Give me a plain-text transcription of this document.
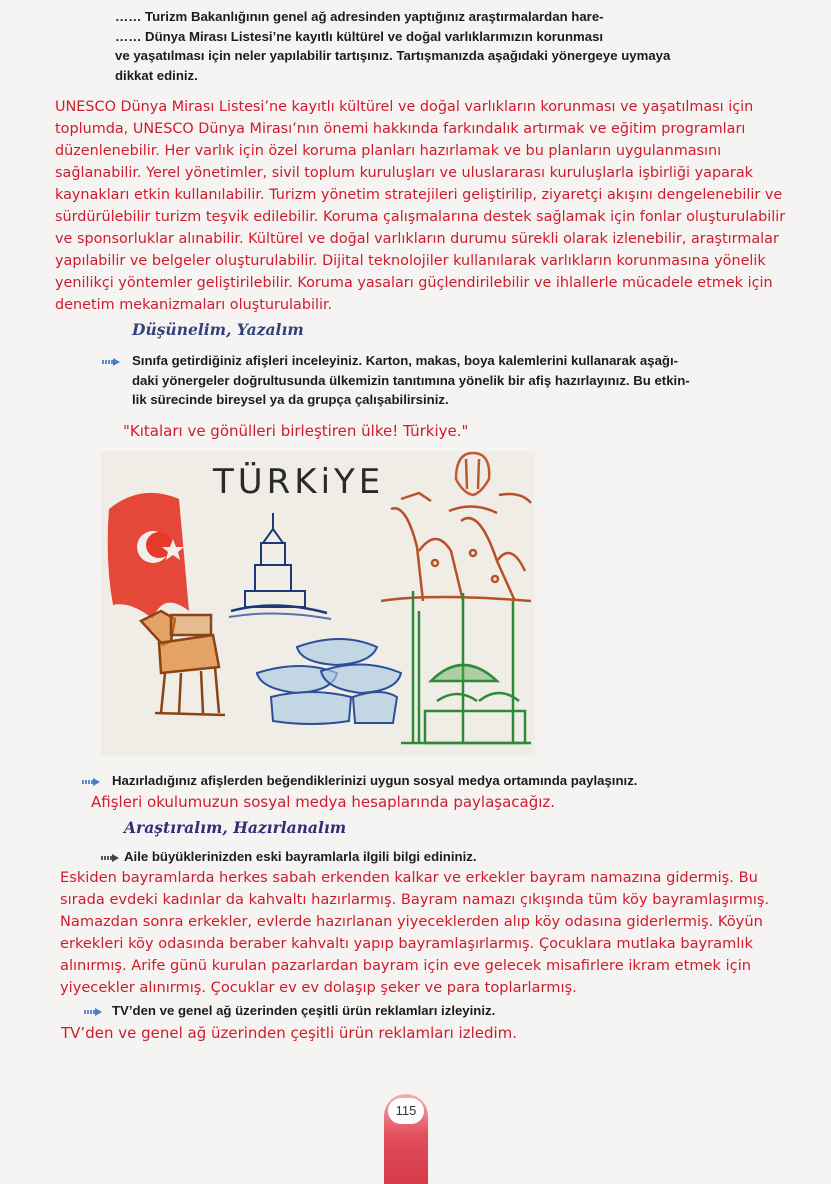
…… Turizm Bakanlığının genel ağ adresinden yaptığınız araştırmalardan hare-
…… Dünya Mirası Listesi’ne kayıtlı kültürel ve doğal varlıklarımızın korunması
ve yaşatılması için neler yapılabilir tartışınız. Tartışmanızda aşağıdaki yönergeye uymaya
dikkat ediniz.
UNESCO Dünya Mirası Listesi’ne kayıtlı kültürel ve doğal varlıkların korunması ve yaşatılması için
toplumda, UNESCO Dünya Mirası’nın önemi hakkında farkındalık artırmak ve eğitim programları
düzenlenebilir. Her varlık için özel koruma planları hazırlamak ve bu planların uygulanmasını
sağlanabilir. Yerel yönetimler, sivil toplum kuruluşları ve uluslararası kuruluşlarla işbirliği yaparak
kaynakları etkin kullanılabilir. Turizm yönetim stratejileri geliştirilip, ziyaretçi akışını dengelenebilir ve
sürdürülebilir turizm teşvik edilebilir. Koruma çalışmalarına destek sağlamak için fonlar oluşturulabilir
ve sponsorluklar alınabilir. Kültürel ve doğal varlıkların durumu sürekli olarak izlenebilir, araştırmalar
yapılabilir ve belgeler oluşturulabilir. Dijital teknolojiler kullanılarak varlıkların korunmasına yönelik
yenilikçi yöntemler geliştirilebilir. Koruma yasaları güçlendirilebilir ve ihlallerle mücadele etmek için
denetim mekanizmaları oluşturulabilir.
Düşünelim, Yazalım
Sınıfa getirdiğiniz afişleri inceleyiniz. Karton, makas, boya kalemlerini kullanarak aşağı-
daki yönergeler doğrultusunda ülkemizin tanıtımına yönelik bir afiş hazırlayınız. Bu etkin-
lik sürecinde bireysel ya da grupça çalışabilirsiniz.
"Kıtaları ve gönülleri birleştiren ülke! Türkiye."
TÜRKiYE
Hazırladığınız afişlerden beğendiklerinizi uygun sosyal medya ortamında paylaşınız.
Afişleri okulumuzun sosyal medya hesaplarında paylaşacağız.
Araştıralım, Hazırlanalım
Aile büyüklerinizden eski bayramlarla ilgili bilgi edininiz.
Eskiden bayramlarda herkes sabah erkenden kalkar ve erkekler bayram namazına gidermiş. Bu
sırada evdeki kadınlar da kahvaltı hazırlarmış. Bayram namazı çıkışında tüm köy bayramlaşırmış.
Namazdan sonra erkekler, evlerde hazırlanan yiyeceklerden alıp köy odasına giderlermiş. Köyün
erkekleri köy odasında beraber kahvaltı yapıp bayramlaşırlarmış. Çocuklara mutlaka bayramlık
alınırmış. Arife günü kurulan pazarlardan bayram için eve gelecek misafirlere ikram etmek için
yiyecekler alınırmış. Çocuklar ev ev dolaşıp şeker ve para toplarlarmış.
TV’den ve genel ağ üzerinden çeşitli ürün reklamları izleyiniz.
TV’den ve genel ağ üzerinden çeşitli ürün reklamları izledim.
115
